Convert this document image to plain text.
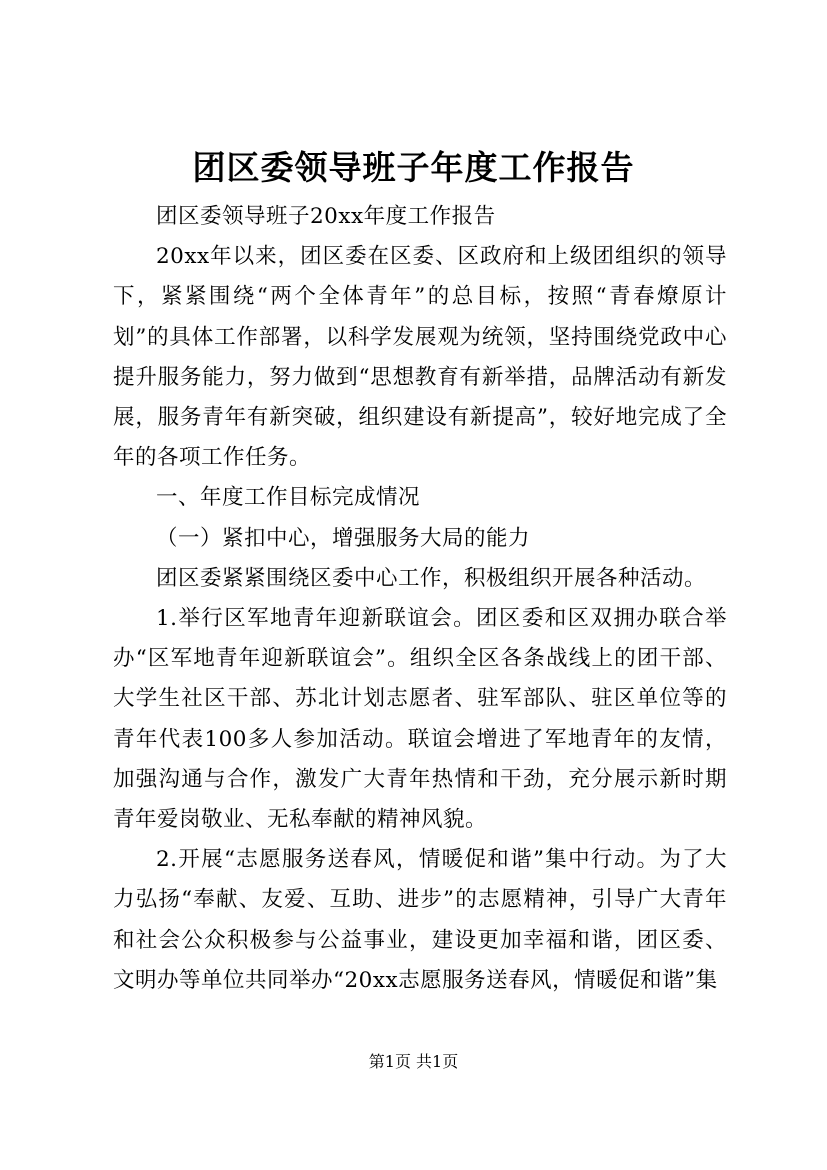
团区委领导班子年度工作报告

团区委领导班子20xx年度工作报告

20xx年以来，团区委在区委、区政府和上级团组织的领导下，紧紧围绕“两个全体青年”的总目标，按照“青春燎原计划”的具体工作部署，以科学发展观为统领，坚持围绕党政中心提升服务能力，努力做到“思想教育有新举措，品牌活动有新发展，服务青年有新突破，组织建设有新提高”，较好地完成了全年的各项工作任务。

一、年度工作目标完成情况

（一）紧扣中心，增强服务大局的能力

团区委紧紧围绕区委中心工作，积极组织开展各种活动。

1.举行区军地青年迎新联谊会。团区委和区双拥办联合举办“区军地青年迎新联谊会”。组织全区各条战线上的团干部、大学生社区干部、苏北计划志愿者、驻军部队、驻区单位等的青年代表100多人参加活动。联谊会增进了军地青年的友情，加强沟通与合作，激发广大青年热情和干劲，充分展示新时期青年爱岗敬业、无私奉献的精神风貌。

2.开展“志愿服务送春风，情暖促和谐”集中行动。为了大力弘扬“奉献、友爱、互助、进步”的志愿精神，引导广大青年和社会公众积极参与公益事业，建设更加幸福和谐，团区委、文明办等单位共同举办“20xx志愿服务送春风，情暖促和谐”集

第1页 共1页
